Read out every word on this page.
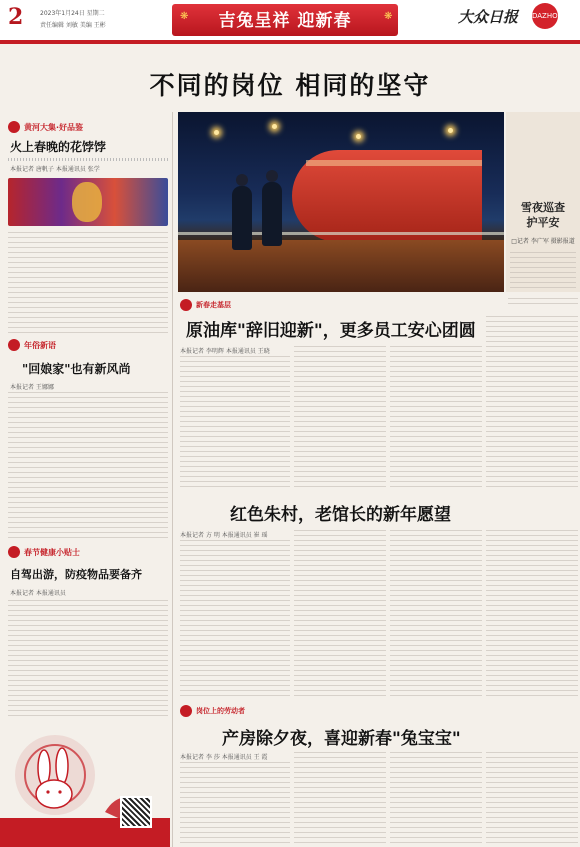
2	2023年1月24日 星期二
责任编辑 刘敏 美编 王彬	吉兔呈祥 迎新春
❋	❋	大众日报 DAZHONG
不同的岗位 相同的坚守
黄河大集·好品鉴
火上春晚的花饽饽
本报记者 唐帆子 本报通讯员 张学
年俗新语
"回娘家"也有新风尚
本报记者 王娜娜
春节健康小贴士
自驾出游，防疫物品要备齐
本报记者 本报通讯员
雪夜巡查
护平安
□记者 李广军 摄影报道
新春走基层
原油库"辞旧迎新"，更多员工安心团圆
本报记者 李明辉 本报通讯员 王晓
红色朱村，老馆长的新年愿望
本报记者 方 明 本报通讯员 崔 瑶
岗位上的劳动者
产房除夕夜，喜迎新春"兔宝宝"
本报记者 李 莎 本报通讯员 王 霞
